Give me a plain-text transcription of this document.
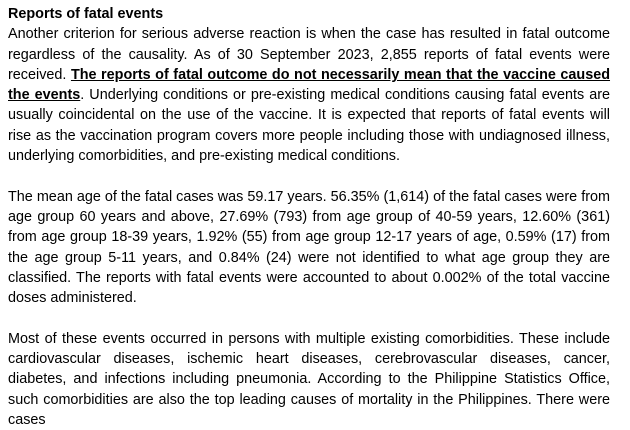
Reports of fatal events

Another criterion for serious adverse reaction is when the case has resulted in fatal outcome regardless of the causality. As of 30 September 2023, 2,855 reports of fatal events were received. The reports of fatal outcome do not necessarily mean that the vaccine caused the events. Underlying conditions or pre-existing medical conditions causing fatal events are usually coincidental on the use of the vaccine. It is expected that reports of fatal events will rise as the vaccination program covers more people including those with undiagnosed illness, underlying comorbidities, and pre-existing medical conditions.

The mean age of the fatal cases was 59.17 years. 56.35% (1,614) of the fatal cases were from age group 60 years and above, 27.69% (793) from age group of 40-59 years, 12.60% (361) from age group 18-39 years, 1.92% (55) from age group 12-17 years of age, 0.59% (17) from the age group 5-11 years, and 0.84% (24) were not identified to what age group they are classified. The reports with fatal events were accounted to about 0.002% of the total vaccine doses administered.

Most of these events occurred in persons with multiple existing comorbidities. These include cardiovascular diseases, ischemic heart diseases, cerebrovascular diseases, cancer, diabetes, and infections including pneumonia. According to the Philippine Statistics Office, such comorbidities are also the top leading causes of mortality in the Philippines. There were cases
